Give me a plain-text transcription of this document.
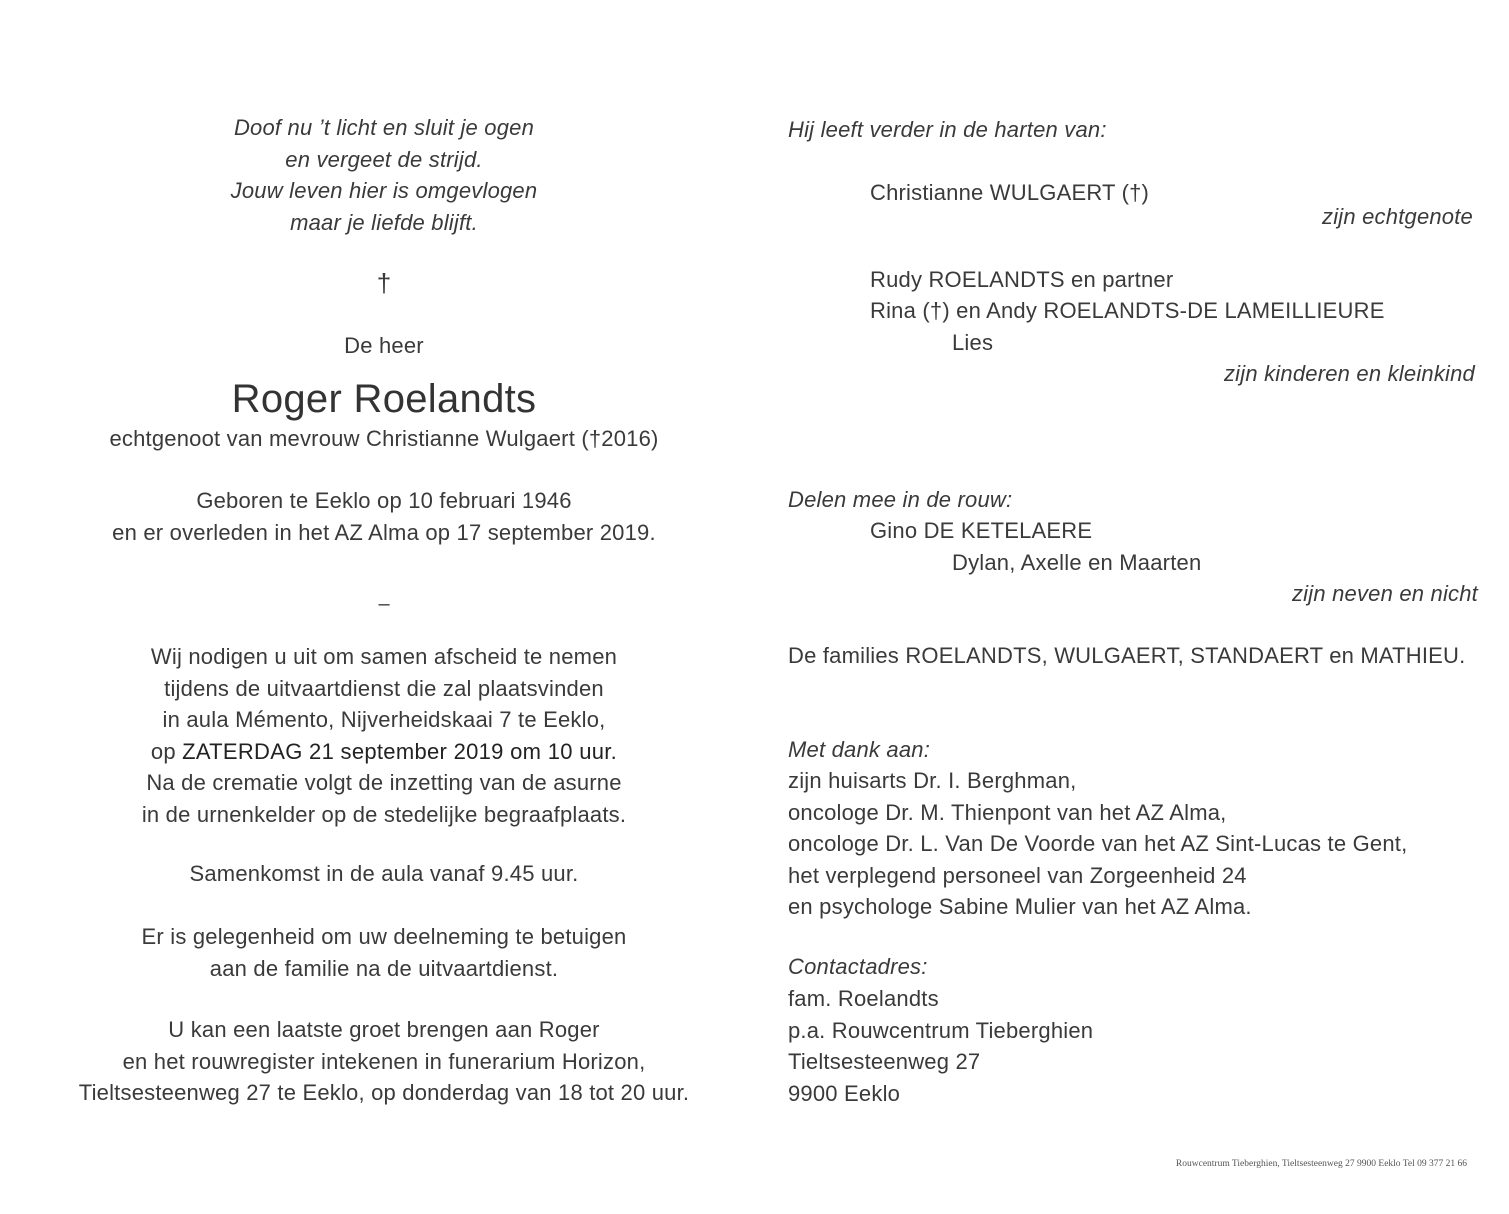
Doof nu ’t licht en sluit je ogen
en vergeet de strijd.
Jouw leven hier is omgevlogen
maar je liefde blijft.
†
De heer
Roger Roelandts
echtgenoot van mevrouw Christianne Wulgaert (†2016)
Geboren te Eeklo op 10 februari 1946
en er overleden in het AZ Alma op 17 september 2019.
–
Wij nodigen u uit om samen afscheid te nemen
tijdens de uitvaartdienst die zal plaatsvinden
in aula Mémento, Nijverheidskaai 7 te Eeklo,
op ZATERDAG 21 september 2019 om 10 uur.
Na de crematie volgt de inzetting van de asurne
in de urnenkelder op de stedelijke begraafplaats.
Samenkomst in de aula vanaf 9.45 uur.
Er is gelegenheid om uw deelneming te betuigen
aan de familie na de uitvaartdienst.
U kan een laatste groet brengen aan Roger
en het rouwregister intekenen in funerarium Horizon,
Tieltsesteenweg 27 te Eeklo, op donderdag van 18 tot 20 uur.
Hij leeft verder in de harten van:
Christianne WULGAERT (†)
zijn echtgenote
Rudy ROELANDTS en partner
Rina (†) en Andy ROELANDTS-DE LAMEILLIEURE
Lies
zijn kinderen en kleinkind
Delen mee in de rouw:
Gino DE KETELAERE
Dylan, Axelle en Maarten
zijn neven en nicht
De families ROELANDTS, WULGAERT, STANDAERT en MATHIEU.
Met dank aan:
zijn huisarts Dr. I. Berghman,
oncologe Dr. M. Thienpont van het AZ Alma,
oncologe Dr. L. Van De Voorde van het AZ Sint-Lucas te Gent,
het verplegend personeel van Zorgeenheid 24
en psychologe Sabine Mulier van het AZ Alma.
Contactadres:
fam. Roelandts
p.a. Rouwcentrum Tieberghien
Tieltsesteenweg 27
9900 Eeklo
Rouwcentrum Tieberghien, Tieltsesteenweg 27 9900 Eeklo Tel 09 377 21 66
